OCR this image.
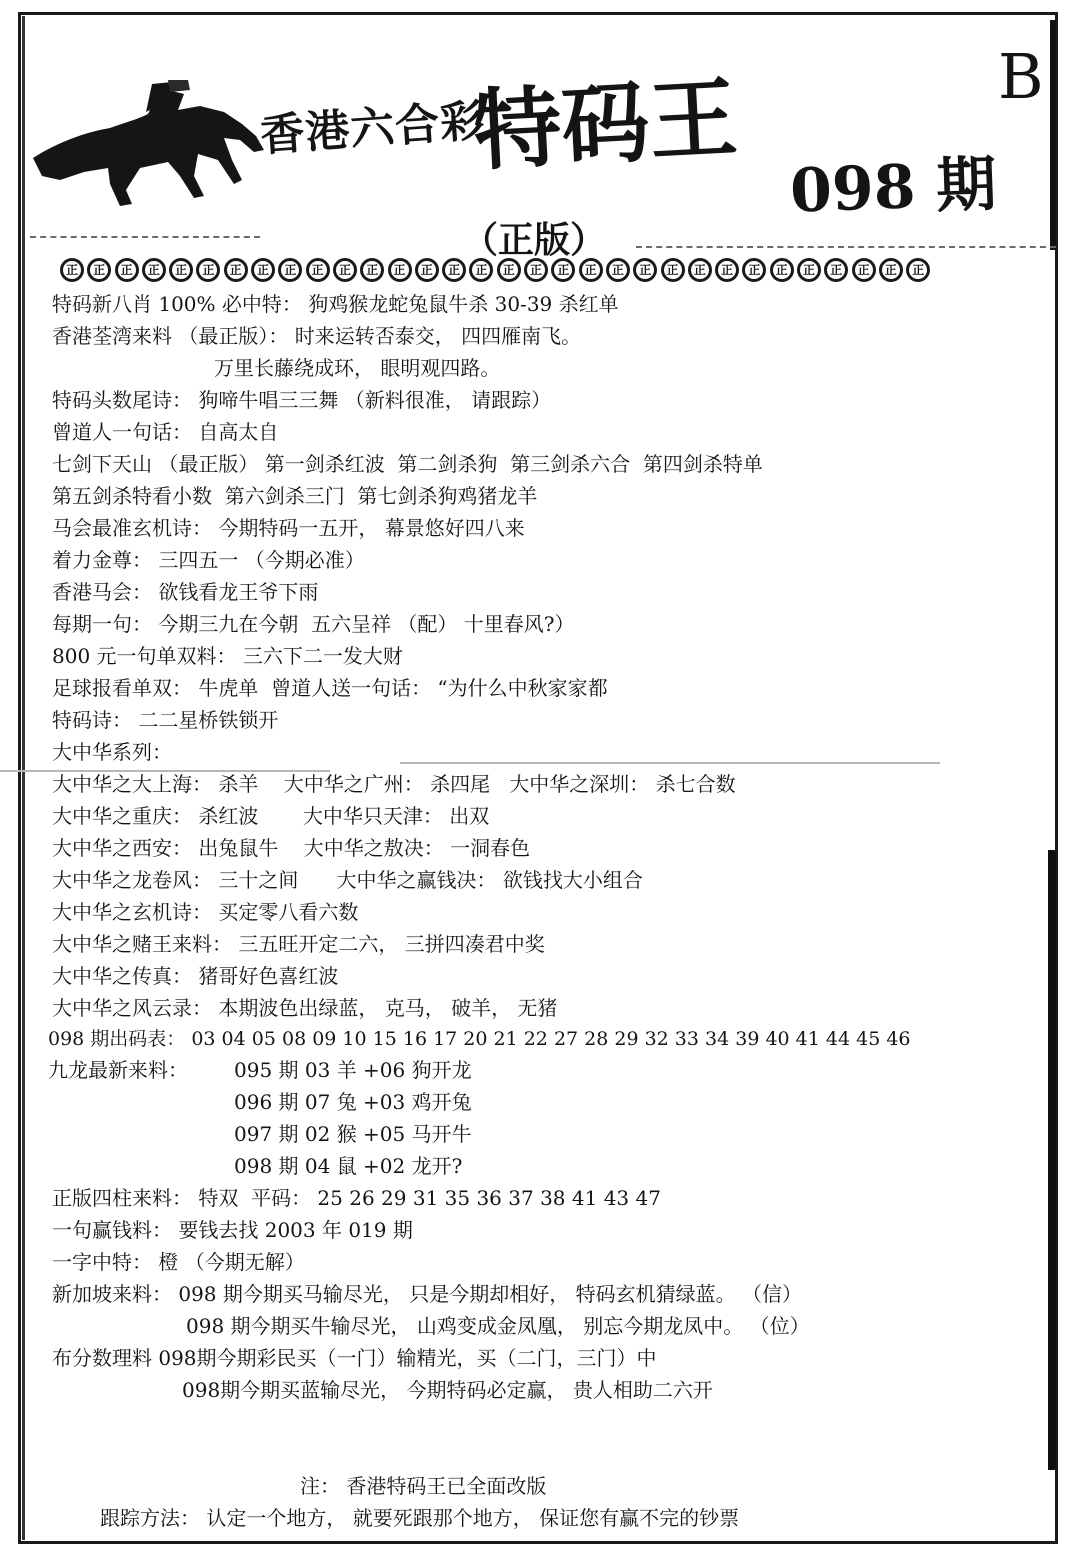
香港六合彩
特码王
098 期
B
（正版）
正	正	正	正	正	正	正	正	正	正	正	正	正	正	正	正	正	正	正	正	正	正	正	正	正	正	正	正	正	正	正	正
特码新八肖 100% 必中特： 狗鸡猴龙蛇兔鼠牛杀 30-39 杀红单
香港荃湾来料 （最正版）： 时来运转否泰交， 四四雁南飞。
万里长藤绕成环， 眼明观四路。
特码头数尾诗： 狗啼牛唱三三舞 （新料很准， 请跟踪）
曾道人一句话： 自高太自
七剑下天山 （最正版） 第一剑杀红波  第二剑杀狗  第三剑杀六合  第四剑杀特单
第五剑杀特看小数  第六剑杀三门  第七剑杀狗鸡猪龙羊
马会最准玄机诗： 今期特码一五开， 幕景悠好四八来
着力金尊： 三四五一 （今期必准）
香港马会： 欲钱看龙王爷下雨
每期一句： 今期三九在今朝  五六呈祥 （配） 十里春风?）
800 元一句单双料： 三六下二一发大财
足球报看单双： 牛虎单  曾道人送一句话： “为什么中秋家家都
特码诗： 二二星桥铁锁开
大中华系列：
大中华之大上海： 杀羊    大中华之广州： 杀四尾   大中华之深圳： 杀七合数
大中华之重庆： 杀红波       大中华只天津： 出双
大中华之西安： 出兔鼠牛    大中华之敖决： 一洞春色
大中华之龙卷风： 三十之间      大中华之赢钱决： 欲钱找大小组合
大中华之玄机诗： 买定零八看六数
大中华之赌王来料： 三五旺开定二六， 三拼四凑君中奖
大中华之传真： 猪哥好色喜红波
大中华之风云录： 本期波色出绿蓝， 克马， 破羊， 无猪
098 期出码表： 03 04 05 08 09 10 15 16 17 20 21 22 27 28 29 32 33 34 39 40 41 44 45 46
九龙最新来料： 095 期 03 羊 +06 狗开龙
096 期 07 兔 +03 鸡开兔
097 期 02 猴 +05 马开牛
098 期 04 鼠 +02 龙开?
正版四柱来料： 特双  平码： 25 26 29 31 35 36 37 38 41 43 47
一句赢钱料： 要钱去找 2003 年 019 期
一字中特： 橙 （今期无解）
新加坡来料： 098 期今期买马输尽光， 只是今期却相好， 特码玄机猜绿蓝。 （信）
098 期今期买牛输尽光， 山鸡变成金凤凰， 别忘今期龙凤中。 （位）
布分数理料 098期今期彩民买（一门）输精光，买（二门，三门）中
098期今期买蓝输尽光， 今期特码必定赢， 贵人相助二六开
注： 香港特码王已全面改版
跟踪方法： 认定一个地方， 就要死跟那个地方， 保证您有赢不完的钞票
